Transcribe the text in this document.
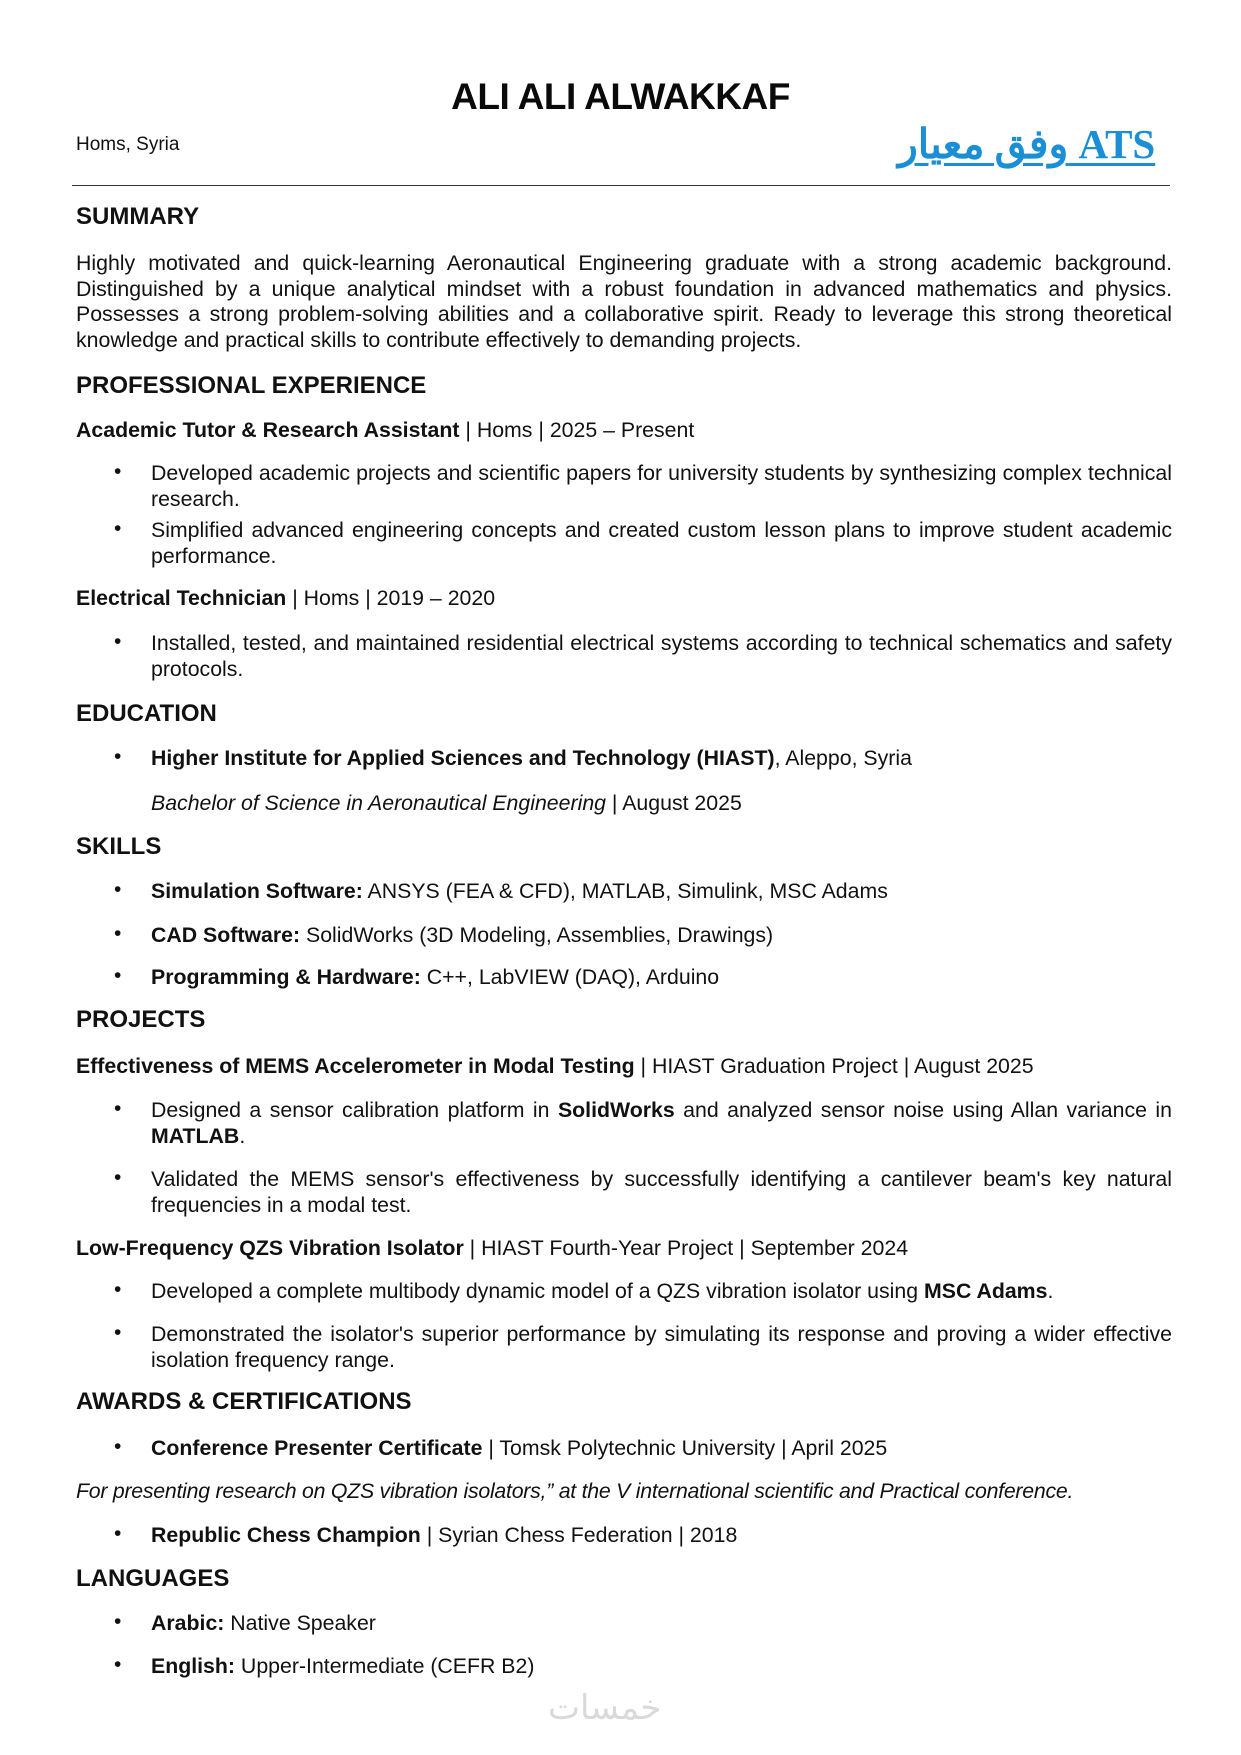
ALI ALI ALWAKKAF
Homs, Syria	وفق معيار ATS
SUMMARY
Highly motivated and quick-learning Aeronautical Engineering graduate with a strong academic background. Distinguished by a unique analytical mindset with a robust foundation in advanced mathematics and physics. Possesses a strong problem-solving abilities and a collaborative spirit. Ready to leverage this strong theoretical knowledge and practical skills to contribute effectively to demanding projects.
PROFESSIONAL EXPERIENCE
Academic Tutor & Research Assistant | Homs | 2025 – Present
• Developed academic projects and scientific papers for university students by synthesizing complex technical research.
• Simplified advanced engineering concepts and created custom lesson plans to improve student academic performance.
Electrical Technician | Homs | 2019 – 2020
• Installed, tested, and maintained residential electrical systems according to technical schematics and safety protocols.
EDUCATION
• Higher Institute for Applied Sciences and Technology (HIAST), Aleppo, Syria
Bachelor of Science in Aeronautical Engineering | August 2025
SKILLS
• Simulation Software: ANSYS (FEA & CFD), MATLAB, Simulink, MSC Adams
• CAD Software: SolidWorks (3D Modeling, Assemblies, Drawings)
• Programming & Hardware: C++, LabVIEW (DAQ), Arduino
PROJECTS
Effectiveness of MEMS Accelerometer in Modal Testing | HIAST Graduation Project | August 2025
• Designed a sensor calibration platform in SolidWorks and analyzed sensor noise using Allan variance in MATLAB.
• Validated the MEMS sensor's effectiveness by successfully identifying a cantilever beam's key natural frequencies in a modal test.
Low-Frequency QZS Vibration Isolator | HIAST Fourth-Year Project | September 2024
• Developed a complete multibody dynamic model of a QZS vibration isolator using MSC Adams.
• Demonstrated the isolator's superior performance by simulating its response and proving a wider effective isolation frequency range.
AWARDS & CERTIFICATIONS
• Conference Presenter Certificate | Tomsk Polytechnic University | April 2025
For presenting research on QZS vibration isolators,” at the V international scientific and Practical conference.
• Republic Chess Champion | Syrian Chess Federation | 2018
LANGUAGES
• Arabic: Native Speaker
• English: Upper-Intermediate (CEFR B2)
خمسات
